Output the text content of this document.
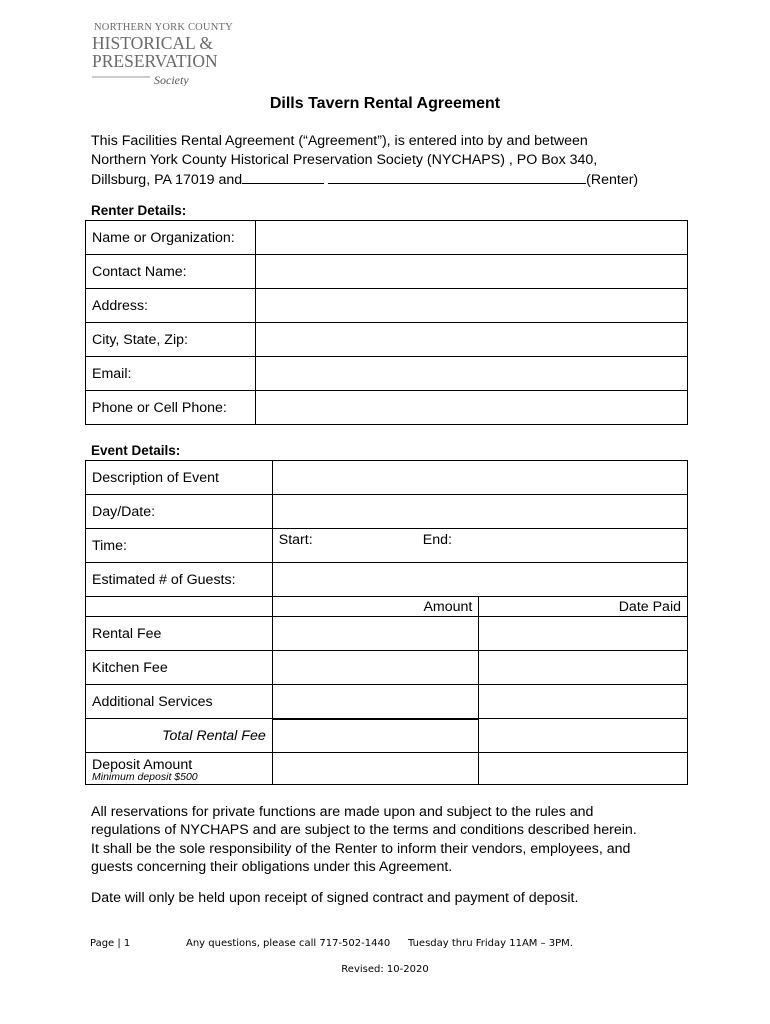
NORTHERN YORK COUNTY
HISTORICAL &
PRESERVATION
Society
Dills Tavern Rental Agreement
This Facilities Rental Agreement (“Agreement”), is entered into by and between
Northern York County Historical Preservation Society (NYCHAPS) , PO Box 340,
Dillsburg, PA 17019 and	(Renter)
Renter Details:
Name or Organization:	
Contact Name:	
Address:	
City, State, Zip:	
Email:	
Phone or Cell Phone:	
Event Details:
Description of Event		
Day/Date:		
Time:	Start: End:	

Estimated # of Guests:		
	Amount	Date Paid
Rental Fee		
Kitchen Fee		
Additional Services		
Total Rental Fee		

Deposit Amount
Minimum deposit $500		

All reservations for private functions are made upon and subject to the rules and
regulations of NYCHAPS and are subject to the terms and conditions described herein.
It shall be the sole responsibility of the Renter to inform their vendors, employees, and
guests concerning their obligations under this Agreement.
Date will only be held upon receipt of signed contract and payment of deposit.
Page | 1	Any questions, please call 717-502-1440 Tuesday thru Friday 11AM – 3PM.
Revised: 10-2020
